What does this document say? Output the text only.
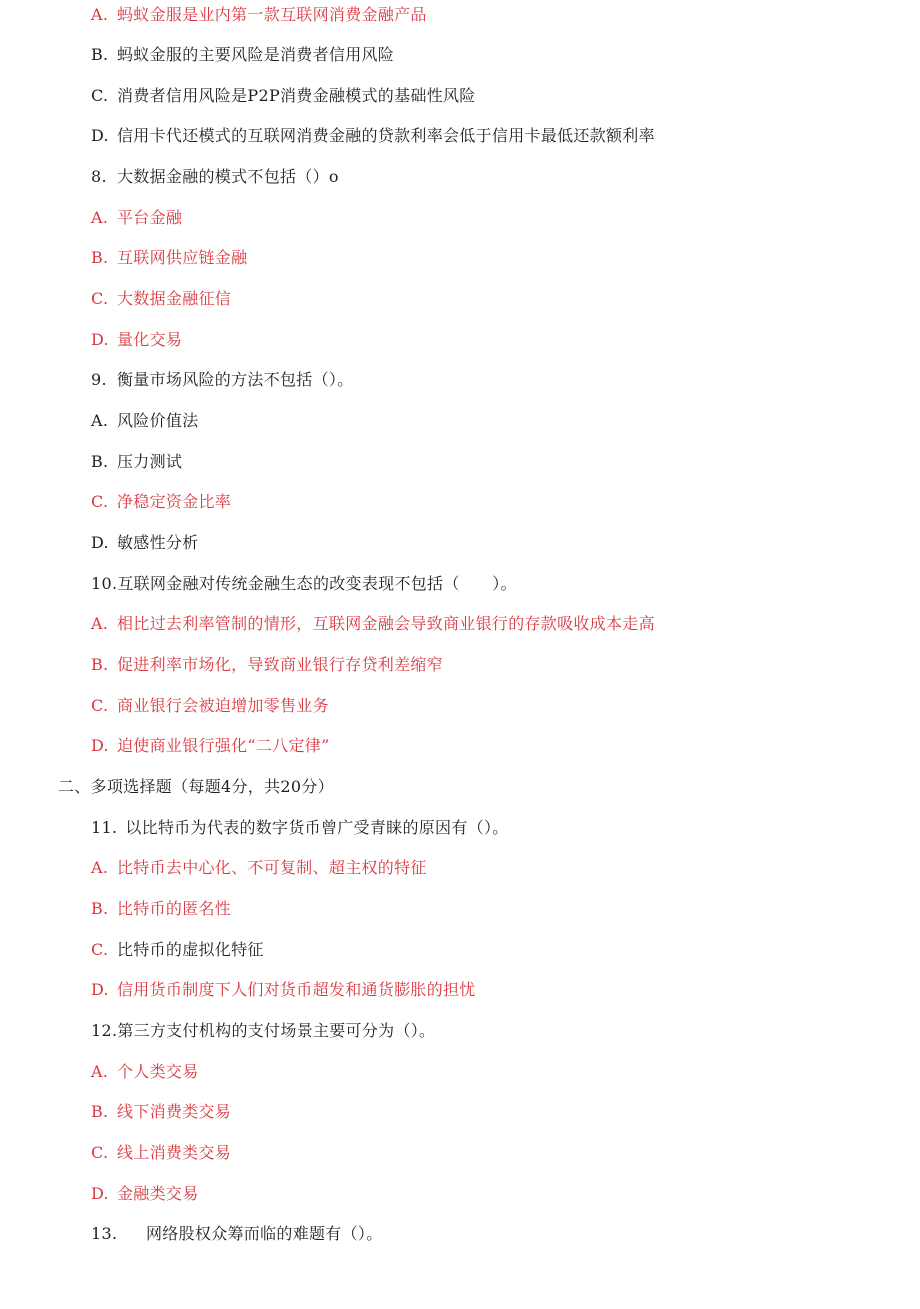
A. 蚂蚁金服是业内第一款互联网消费金融产品
B. 蚂蚁金服的主要风险是消费者信用风险
C. 消费者信用风险是P2P消费金融模式的基础性风险
D. 信用卡代还模式的互联网消费金融的贷款利率会低于信用卡最低还款额利率
8. 大数据金融的模式不包括（）o
A. 平台金融
B. 互联网供应链金融
C. 大数据金融征信
D. 量化交易
9. 衡量市场风险的方法不包括（）。
A. 风险价值法
B. 压力测试
C. 净稳定资金比率
D. 敏感性分析
10.互联网金融对传统金融生态的改变表现不包括（　　）。
A. 相比过去利率管制的情形，互联网金融会导致商业银行的存款吸收成本走高
B. 促进利率市场化，导致商业银行存贷利差缩窄
C. 商业银行会被迫增加零售业务
D. 迫使商业银行强化“二八定律”
二、多项选择题（每题4分，共20分）
11. 以比特币为代表的数字货币曾广受青睐的原因有（）。
A. 比特币去中心化、不可复制、超主权的特征
B. 比特币的匿名性
C. 比特币的虚拟化特征
D. 信用货币制度下人们对货币超发和通货膨胀的担忧
12.第三方支付机构的支付场景主要可分为（）。
A. 个人类交易
B. 线下消费类交易
C. 线上消费类交易
D. 金融类交易
13. 网络股权众筹而临的难题有（）。
